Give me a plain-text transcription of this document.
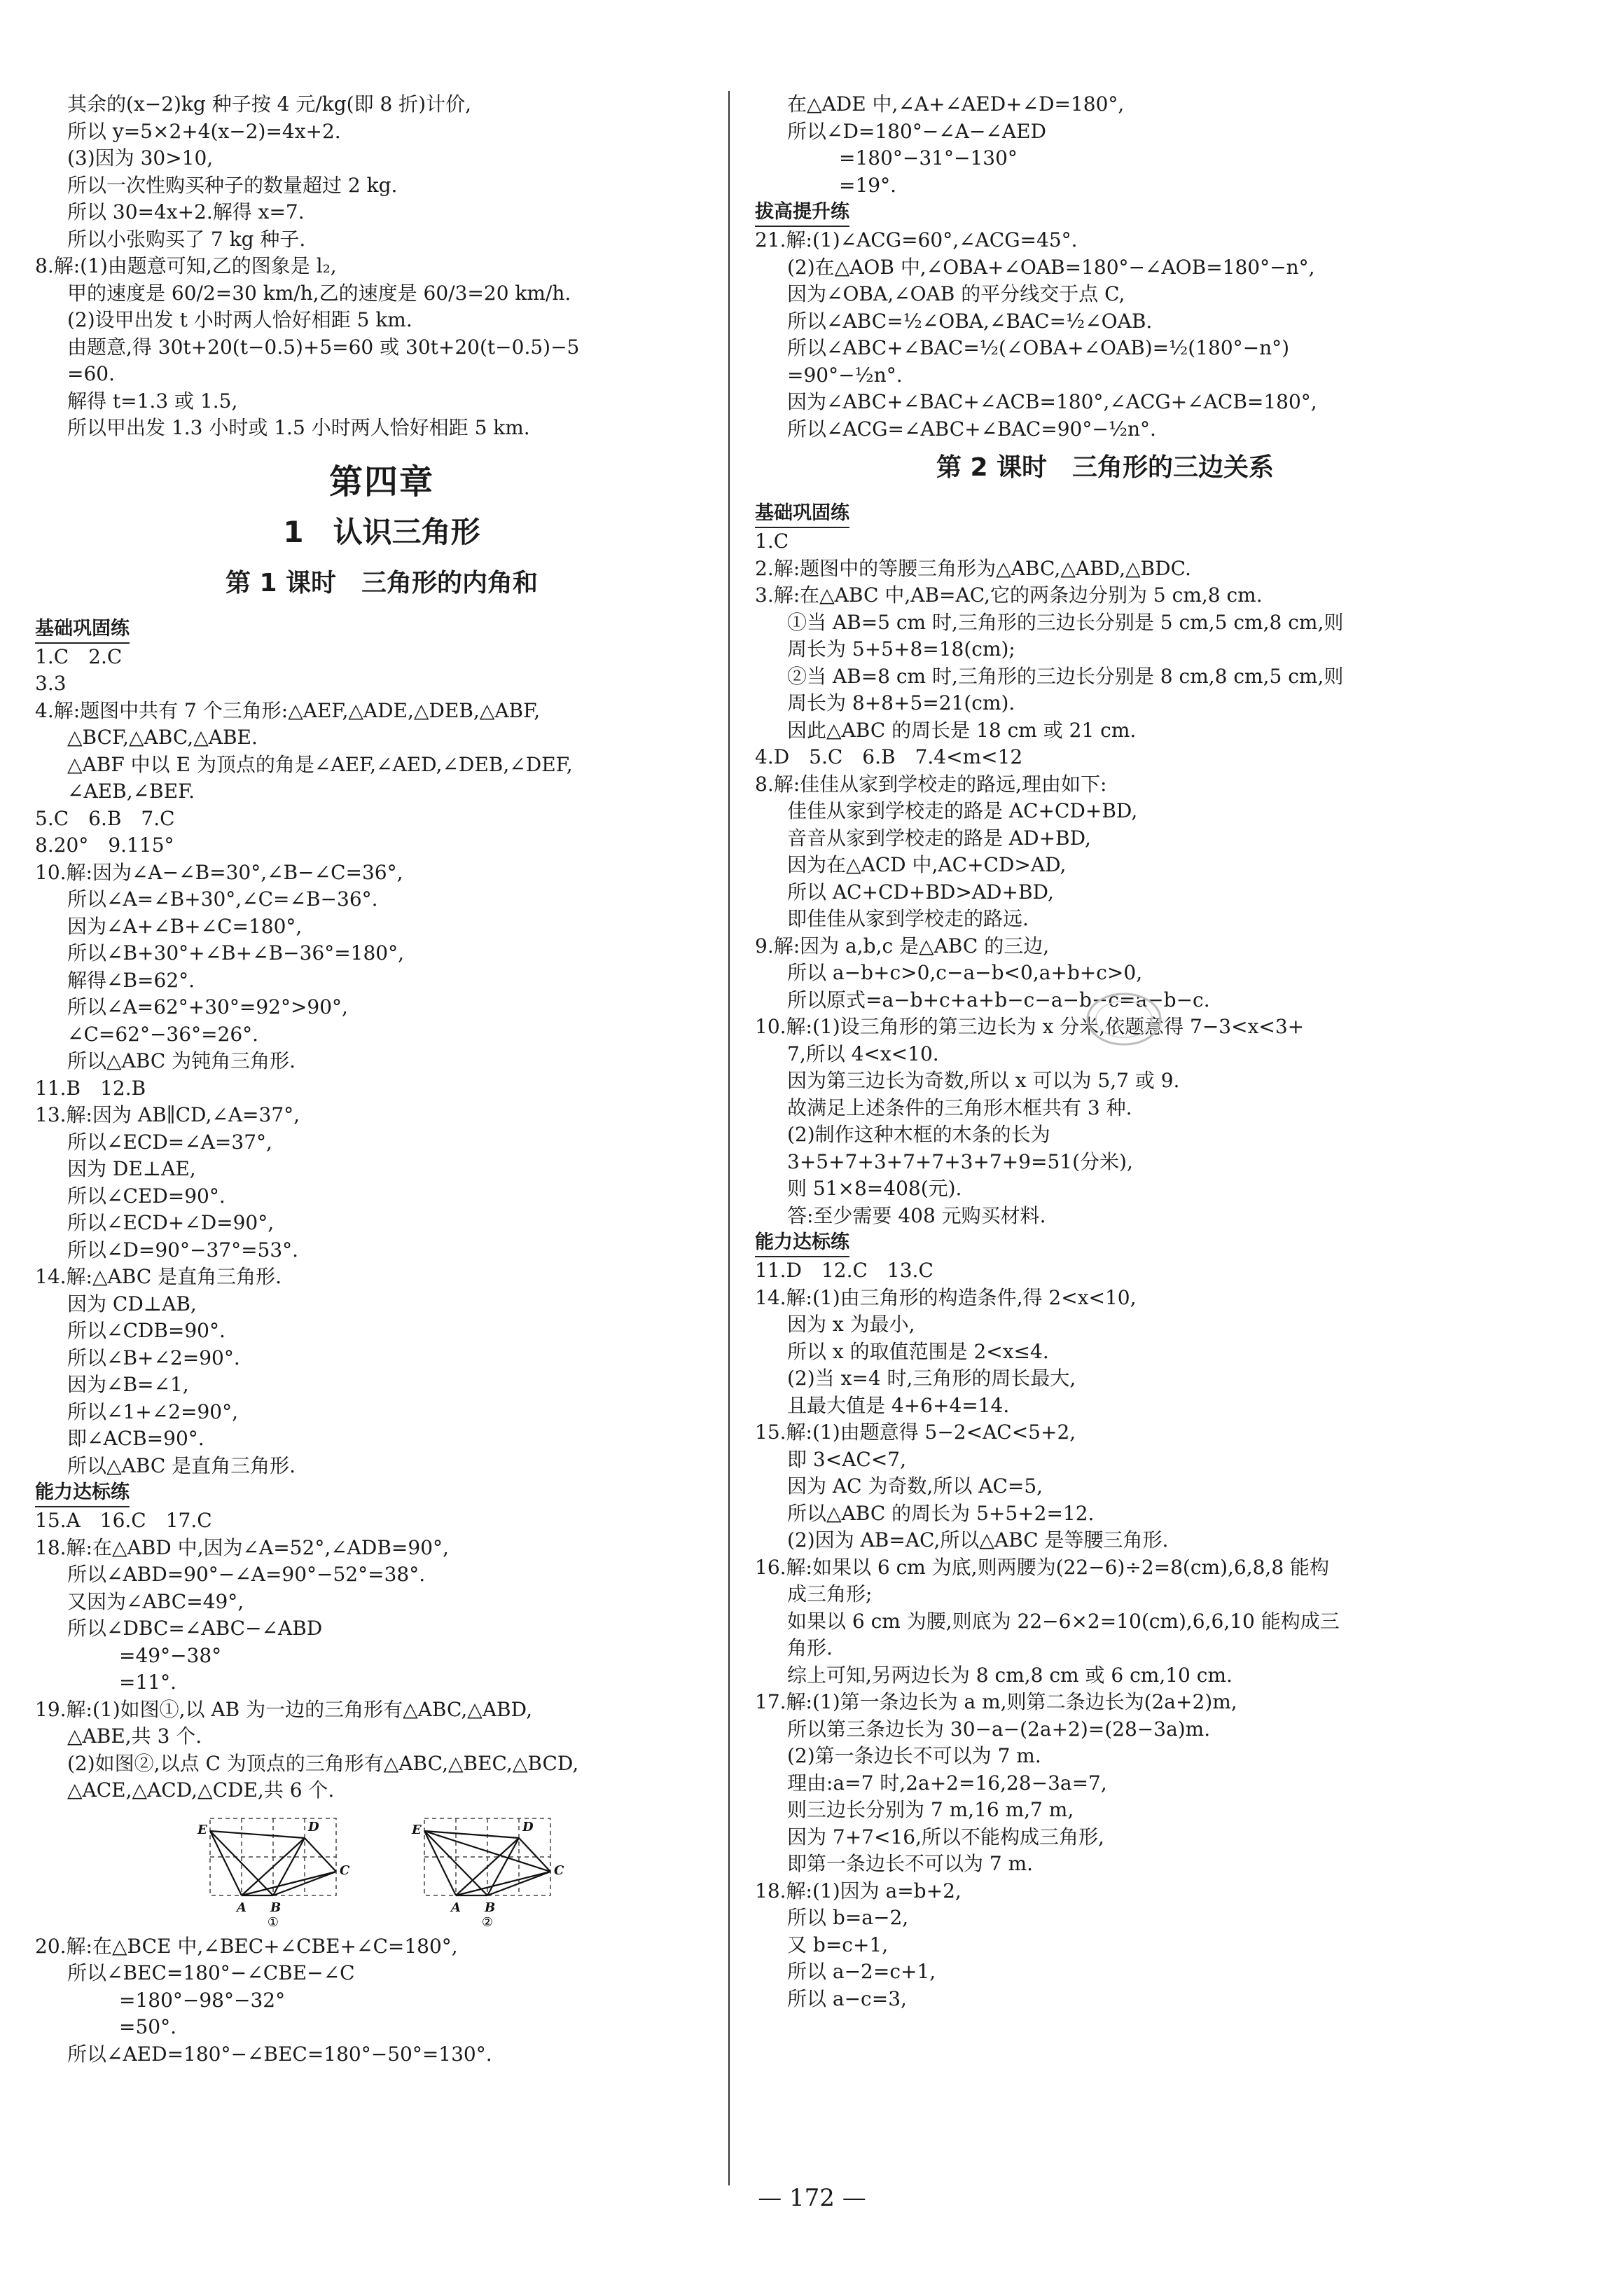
其余的(x−2)kg 种子按 4 元/kg(即 8 折)计价,

所以 y=5×2+4(x−2)=4x+2.

(3)因为 30>10,

所以一次性购买种子的数量超过 2 kg.

所以 30=4x+2.解得 x=7.

所以小张购买了 7 kg 种子.

8.解:(1)由题意可知,乙的图象是 l₂,

甲的速度是 60/2=30 km/h,乙的速度是 60/3=20 km/h.

(2)设甲出发 t 小时两人恰好相距 5 km.

由题意,得 30t+20(t−0.5)+5=60 或 30t+20(t−0.5)−5

=60.

解得 t=1.3 或 1.5,

所以甲出发 1.3 小时或 1.5 小时两人恰好相距 5 km.

第四章
1　认识三角形
第 1 课时　三角形的内角和

基础巩固练

1.C　2.C

3.3

4.解:题图中共有 7 个三角形:△AEF,△ADE,△DEB,△ABF,

△BCF,△ABC,△ABE.

△ABF 中以 E 为顶点的角是∠AEF,∠AED,∠DEB,∠DEF,

∠AEB,∠BEF.

5.C　6.B　7.C

8.20°　9.115°

10.解:因为∠A−∠B=30°,∠B−∠C=36°,

所以∠A=∠B+30°,∠C=∠B−36°.

因为∠A+∠B+∠C=180°,

所以∠B+30°+∠B+∠B−36°=180°,

解得∠B=62°.

所以∠A=62°+30°=92°>90°,

∠C=62°−36°=26°.

所以△ABC 为钝角三角形.

11.B　12.B

13.解:因为 AB∥CD,∠A=37°,

所以∠ECD=∠A=37°,

因为 DE⊥AE,

所以∠CED=90°.

所以∠ECD+∠D=90°,

所以∠D=90°−37°=53°.

14.解:△ABC 是直角三角形.

因为 CD⊥AB,

所以∠CDB=90°.

所以∠B+∠2=90°.

因为∠B=∠1,

所以∠1+∠2=90°,

即∠ACB=90°.

所以△ABC 是直角三角形.

能力达标练

15.A　16.C　17.C

18.解:在△ABD 中,因为∠A=52°,∠ADB=90°,

所以∠ABD=90°−∠A=90°−52°=38°.

又因为∠ABC=49°,

所以∠DBC=∠ABC−∠ABD

=49°−38°

=11°.

19.解:(1)如图①,以 AB 为一边的三角形有△ABC,△ABD,

△ABE,共 3 个.

(2)如图②,以点 C 为顶点的三角形有△ABC,△BEC,△BCD,

△ACE,△ACD,△CDE,共 6 个.

E	D
C
A B
①
E	D
C
A B
②

20.解:在△BCE 中,∠BEC+∠CBE+∠C=180°,

所以∠BEC=180°−∠CBE−∠C

=180°−98°−32°

=50°.

所以∠AED=180°−∠BEC=180°−50°=130°.

在△ADE 中,∠A+∠AED+∠D=180°,

所以∠D=180°−∠A−∠AED

=180°−31°−130°

=19°.

拔高提升练

21.解:(1)∠ACG=60°,∠ACG=45°.

(2)在△AOB 中,∠OBA+∠OAB=180°−∠AOB=180°−n°,

因为∠OBA,∠OAB 的平分线交于点 C,

所以∠ABC=½∠OBA,∠BAC=½∠OAB.

所以∠ABC+∠BAC=½(∠OBA+∠OAB)=½(180°−n°)

=90°−½n°.

因为∠ABC+∠BAC+∠ACB=180°,∠ACG+∠ACB=180°,

所以∠ACG=∠ABC+∠BAC=90°−½n°.

第 2 课时　三角形的三边关系

基础巩固练

1.C

2.解:题图中的等腰三角形为△ABC,△ABD,△BDC.

3.解:在△ABC 中,AB=AC,它的两条边分别为 5 cm,8 cm.

①当 AB=5 cm 时,三角形的三边长分别是 5 cm,5 cm,8 cm,则

周长为 5+5+8=18(cm);

②当 AB=8 cm 时,三角形的三边长分别是 8 cm,8 cm,5 cm,则

周长为 8+8+5=21(cm).

因此△ABC 的周长是 18 cm 或 21 cm.

4.D　5.C　6.B　7.4<m<12

8.解:佳佳从家到学校走的路远,理由如下:

佳佳从家到学校走的路是 AC+CD+BD,

音音从家到学校走的路是 AD+BD,

因为在△ACD 中,AC+CD>AD,

所以 AC+CD+BD>AD+BD,

即佳佳从家到学校走的路远.

9.解:因为 a,b,c 是△ABC 的三边,

所以 a−b+c>0,c−a−b<0,a+b+c>0,

所以原式=a−b+c+a+b−c−a−b−c=a−b−c.

10.解:(1)设三角形的第三边长为 x 分米,依题意得 7−3<x<3+

7,所以 4<x<10.

因为第三边长为奇数,所以 x 可以为 5,7 或 9.

故满足上述条件的三角形木框共有 3 种.

(2)制作这种木框的木条的长为

3+5+7+3+7+7+3+7+9=51(分米),

则 51×8=408(元).

答:至少需要 408 元购买材料.

能力达标练

11.D　12.C　13.C

14.解:(1)由三角形的构造条件,得 2<x<10,

因为 x 为最小,

所以 x 的取值范围是 2<x≤4.

(2)当 x=4 时,三角形的周长最大,

且最大值是 4+6+4=14.

15.解:(1)由题意得 5−2<AC<5+2,

即 3<AC<7,

因为 AC 为奇数,所以 AC=5,

所以△ABC 的周长为 5+5+2=12.

(2)因为 AB=AC,所以△ABC 是等腰三角形.

16.解:如果以 6 cm 为底,则两腰为(22−6)÷2=8(cm),6,8,8 能构

成三角形;

如果以 6 cm 为腰,则底为 22−6×2=10(cm),6,6,10 能构成三

角形.

综上可知,另两边长为 8 cm,8 cm 或 6 cm,10 cm.

17.解:(1)第一条边长为 a m,则第二条边长为(2a+2)m,

所以第三条边长为 30−a−(2a+2)=(28−3a)m.

(2)第一条边长不可以为 7 m.

理由:a=7 时,2a+2=16,28−3a=7,

则三边长分别为 7 m,16 m,7 m,

因为 7+7<16,所以不能构成三角形,

即第一条边长不可以为 7 m.

18.解:(1)因为 a=b+2,

所以 b=a−2,

又 b=c+1,

所以 a−2=c+1,

所以 a−c=3,

— 172 —
